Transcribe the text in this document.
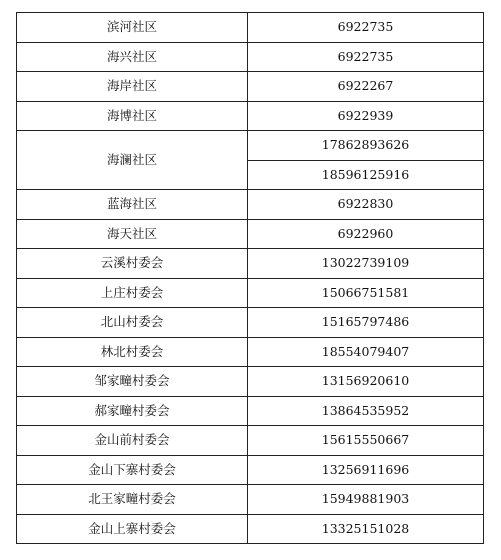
滨河社区	6922735
海兴社区	6922735
海岸社区	6922267
海博社区	6922939
海澜社区	17862893626
	18596125916
蓝海社区	6922830
海天社区	6922960
云溪村委会	13022739109
上庄村委会	15066751581
北山村委会	15165797486
林北村委会	18554079407
邹家疃村委会	13156920610
郝家疃村委会	13864535952
金山前村委会	15615550667
金山下寨村委会	13256911696
北王家疃村委会	15949881903
金山上寨村委会	13325151028
